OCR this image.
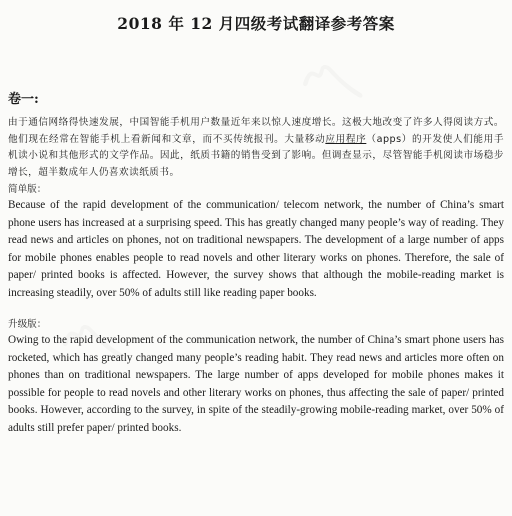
〽
〽
2018 年 12 月四级考试翻译参考答案
卷一:

由于通信网络得快速发展，中国智能手机用户数量近年来以惊人速度增长。这极大地改变了许多人得阅读方式。他们现在经常在智能手机上看新闻和文章，而不买传统报刊。大量移动应用程序（apps）的开发使人们能用手机读小说和其他形式的文学作品。因此，纸质书籍的销售受到了影响。但调查显示，尽管智能手机阅读市场稳步增长，超半数成年人仍喜欢读纸质书。

简单版：

Because of the rapid development of the communication/ telecom network, the number of China’s smart phone users has increased at a surprising speed. This has greatly changed many people’s way of reading. They read news and articles on phones, not on traditional newspapers. The development of a large number of apps for mobile phones enables people to read novels and other literary works on phones. Therefore, the sale of paper/ printed books is affected. However, the survey shows that although the mobile-reading market is increasing steadily, over 50% of adults still like reading paper books.

升级版：

Owing to the rapid development of the communication network, the number of China’s smart phone users has rocketed, which has greatly changed many people’s reading habit. They read news and articles more often on phones than on traditional newspapers. The large number of apps developed for mobile phones makes it possible for people to read novels and other literary works on phones, thus affecting the sale of paper/ printed books. However, according to the survey, in spite of the steadily-growing mobile-reading market, over 50% of adults still prefer paper/ printed books.
